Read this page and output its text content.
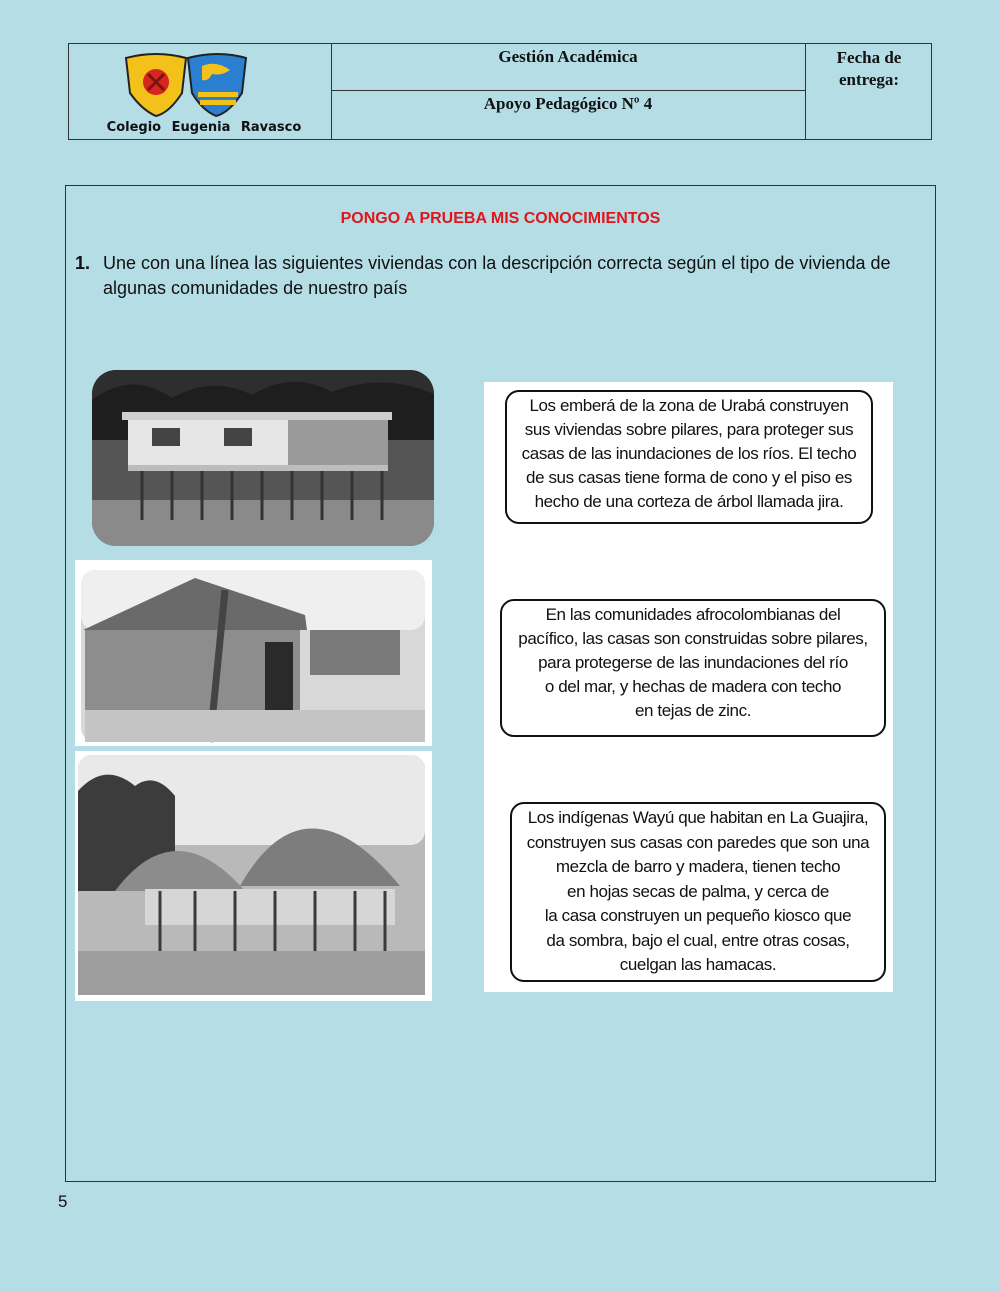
Colegio Eugenia Ravasco
Gestión Académica
Apoyo Pedagógico Nº 4
Fecha de entrega:
PONGO A PRUEBA MIS CONOCIMIENTOS
1. Une con una línea las siguientes viviendas con la descripción correcta según el tipo de vivienda de algunas comunidades de nuestro país
Los emberá de la zona de Urabá construyen
sus viviendas sobre pilares, para proteger sus
casas de las inundaciones de los ríos. El techo
de sus casas tiene forma de cono y el piso es
hecho de una corteza de árbol llamada jira.
En las comunidades afrocolombianas del
pacífico, las casas son construidas sobre pilares,
para protegerse de las inundaciones del río
o del mar, y hechas de madera con techo
en tejas de zinc.
Los indígenas Wayú que habitan en La Guajira,
construyen sus casas con paredes que son una
mezcla de barro y madera, tienen techo
en hojas secas de palma, y cerca de
la casa construyen un pequeño kiosco que
da sombra, bajo el cual, entre otras cosas,
cuelgan las hamacas.
5
